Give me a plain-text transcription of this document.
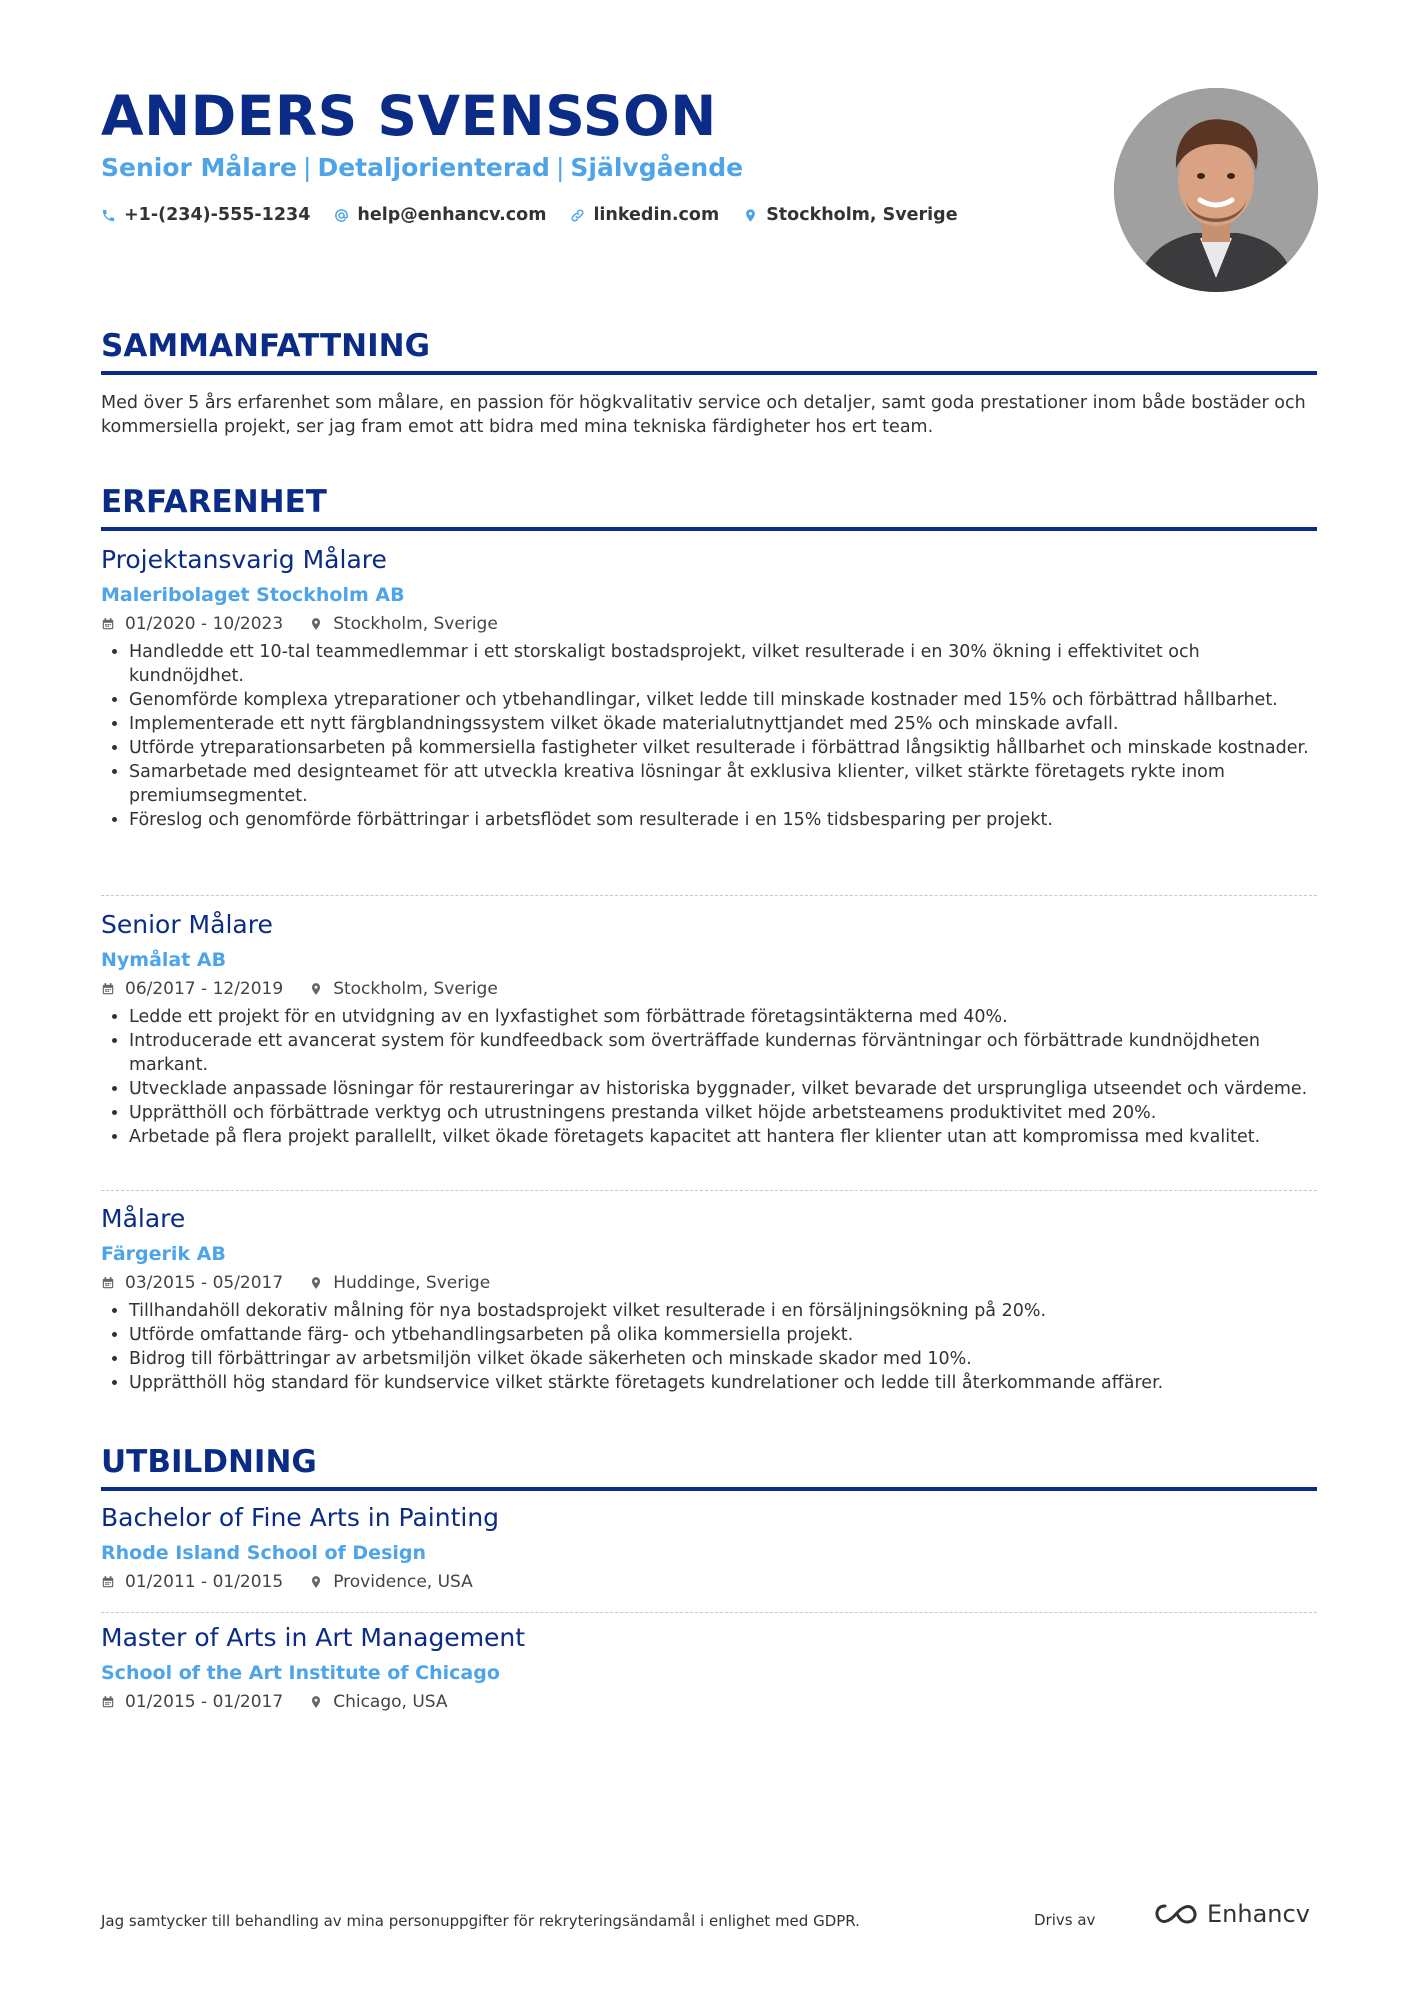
ANDERS SVENSSON
Senior Målare | Detaljorienterad | Självgående
+1-(234)-555-1234	help@enhancv.com	linkedin.com	Stockholm, Sverige
SAMMANFATTNING
Med över 5 års erfarenhet som målare, en passion för högkvalitativ service och detaljer, samt goda prestationer inom både bostäder och kommersiella projekt, ser jag fram emot att bidra med mina tekniska färdigheter hos ert team.
ERFARENHET
Projektansvarig Målare
Maleribolaget Stockholm AB
01/2020 - 10/2023	Stockholm, Sverige
• Handledde ett 10-tal teammedlemmar i ett storskaligt bostadsprojekt, vilket resulterade i en 30% ökning i effektivitet och kundnöjdhet.
• Genomförde komplexa ytreparationer och ytbehandlingar, vilket ledde till minskade kostnader med 15% och förbättrad hållbarhet.
• Implementerade ett nytt färgblandningssystem vilket ökade materialutnyttjandet med 25% och minskade avfall.
• Utförde ytreparationsarbeten på kommersiella fastigheter vilket resulterade i förbättrad långsiktig hållbarhet och minskade kostnader.
• Samarbetade med designteamet för att utveckla kreativa lösningar åt exklusiva klienter, vilket stärkte företagets rykte inom premiumsegmentet.
• Föreslog och genomförde förbättringar i arbetsflödet som resulterade i en 15% tidsbesparing per projekt.
Senior Målare
Nymålat AB
06/2017 - 12/2019	Stockholm, Sverige
• Ledde ett projekt för en utvidgning av en lyxfastighet som förbättrade företagsintäkterna med 40%.
• Introducerade ett avancerat system för kundfeedback som överträffade kundernas förväntningar och förbättrade kundnöjdheten markant.
• Utvecklade anpassade lösningar för restaureringar av historiska byggnader, vilket bevarade det ursprungliga utseendet och värdeme.
• Upprätthöll och förbättrade verktyg och utrustningens prestanda vilket höjde arbetsteamens produktivitet med 20%.
• Arbetade på flera projekt parallellt, vilket ökade företagets kapacitet att hantera fler klienter utan att kompromissa med kvalitet.
Målare
Färgerik AB
03/2015 - 05/2017	Huddinge, Sverige
• Tillhandahöll dekorativ målning för nya bostadsprojekt vilket resulterade i en försäljningsökning på 20%.
• Utförde omfattande färg- och ytbehandlingsarbeten på olika kommersiella projekt.
• Bidrog till förbättringar av arbetsmiljön vilket ökade säkerheten och minskade skador med 10%.
• Upprätthöll hög standard för kundservice vilket stärkte företagets kundrelationer och ledde till återkommande affärer.
UTBILDNING
Bachelor of Fine Arts in Painting
Rhode Island School of Design
01/2011 - 01/2015	Providence, USA
Master of Arts in Art Management
School of the Art Institute of Chicago
01/2015 - 01/2017	Chicago, USA
Jag samtycker till behandling av mina personuppgifter för rekryteringsändamål i enlighet med GDPR.	Drivs av	Enhancv
